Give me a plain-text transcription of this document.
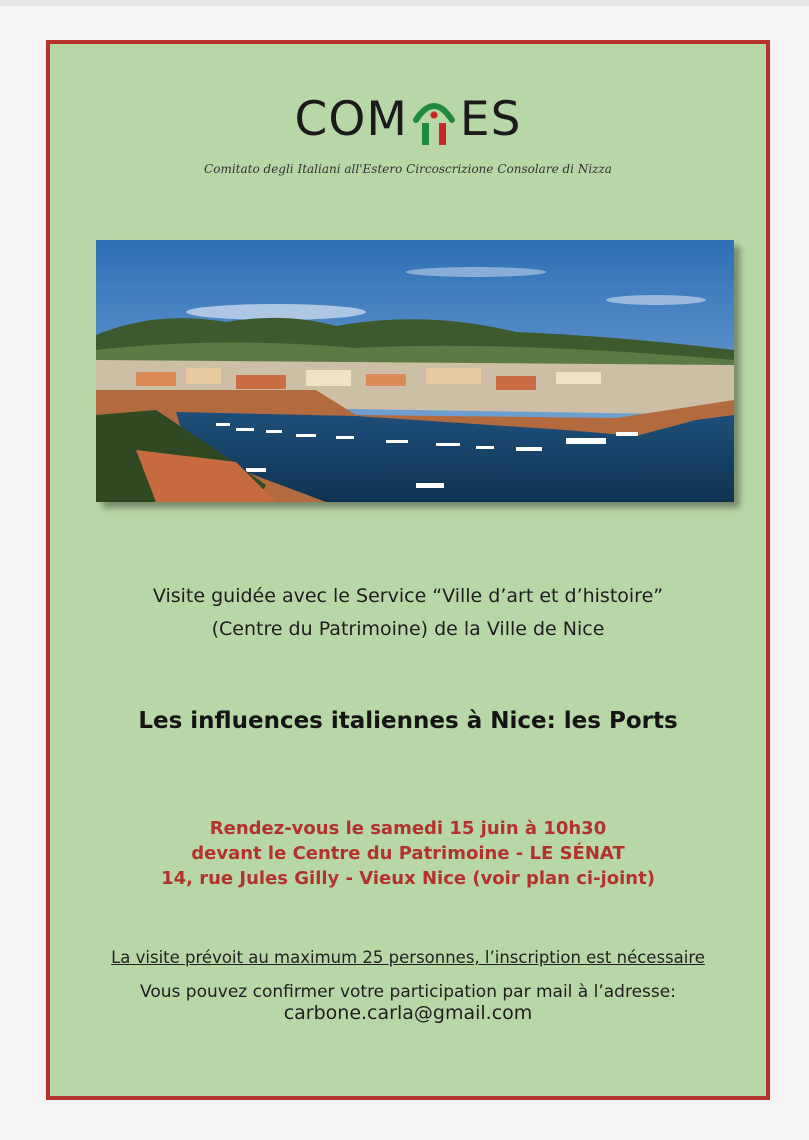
COM ES
Comitato degli Italiani all'Estero Circoscrizione Consolare di Nizza
Visite guidée avec le Service “Ville d’art et d’histoire”
(Centre du Patrimoine) de la Ville de Nice
Les influences italiennes à Nice: les Ports
Rendez-vous le samedi 15 juin à 10h30
devant le Centre du Patrimoine - LE SÉNAT
14, rue Jules Gilly - Vieux Nice (voir plan ci-joint)
La visite prévoit au maximum 25 personnes, l’inscription est nécessaire
Vous pouvez confirmer votre participation par mail à l’adresse:
carbone.carla@gmail.com
